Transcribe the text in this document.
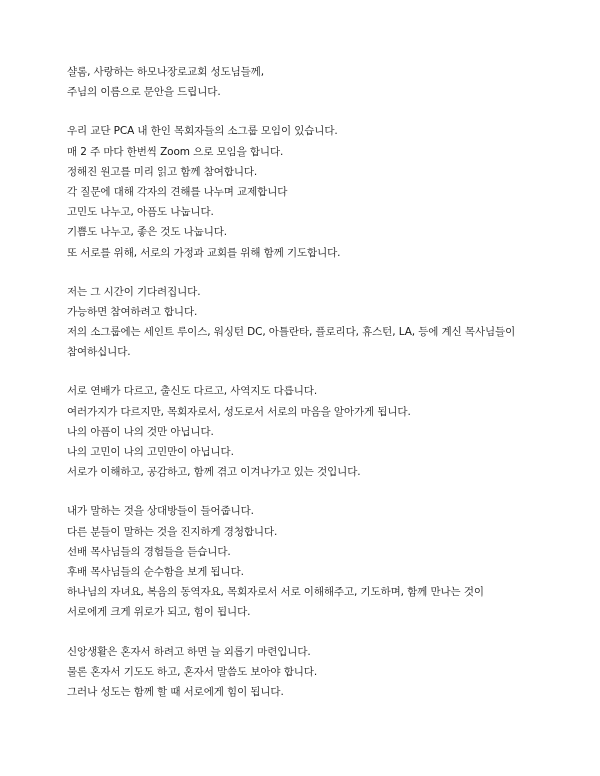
샬롬, 사랑하는 하모나장로교회 성도님들께,
주님의 이름으로 문안을 드립니다.
우리 교단 PCA 내 한인 목회자들의 소그룹 모임이 있습니다.
매 2 주 마다 한번씩 Zoom 으로 모임을 합니다.
정해진 원고를 미리 읽고 함께 참여합니다.
각 질문에 대해 각자의 견해를 나누며 교제합니다
고민도 나누고, 아픔도 나눕니다.
기쁨도 나누고, 좋은 것도 나눕니다.
또 서로를 위해, 서로의 가정과 교회를 위해 함께 기도합니다.
저는 그 시간이 기다려집니다.
가능하면 참여하려고 합니다.
저의 소그룹에는 세인트 루이스, 워싱턴 DC, 아틀란타, 플로리다, 휴스턴, LA, 등에 계신 목사님들이
참여하십니다.
서로 연배가 다르고, 출신도 다르고, 사역지도 다릅니다.
여러가지가 다르지만, 목회자로서, 성도로서 서로의 마음을 알아가게 됩니다.
나의 아픔이 나의 것만 아닙니다.
나의 고민이 나의 고민만이 아닙니다.
서로가 이해하고, 공감하고, 함께 겪고 이겨나가고 있는 것입니다.
내가 말하는 것을 상대방들이 들어줍니다.
다른 분들이 말하는 것을 진지하게 경청합니다.
선배 목사님들의 경험들을 듣습니다.
후배 목사님들의 순수함을 보게 됩니다.
하나님의 자녀요, 복음의 동역자요, 목회자로서 서로 이해해주고, 기도하며, 함께 만나는 것이
서로에게 크게 위로가 되고, 힘이 됩니다.
신앙생활은 혼자서 하려고 하면 늘 외롭기 마련입니다.
물론 혼자서 기도도 하고, 혼자서 말씀도 보아야 합니다.
그러나 성도는 함께 할 때 서로에게 힘이 됩니다.
